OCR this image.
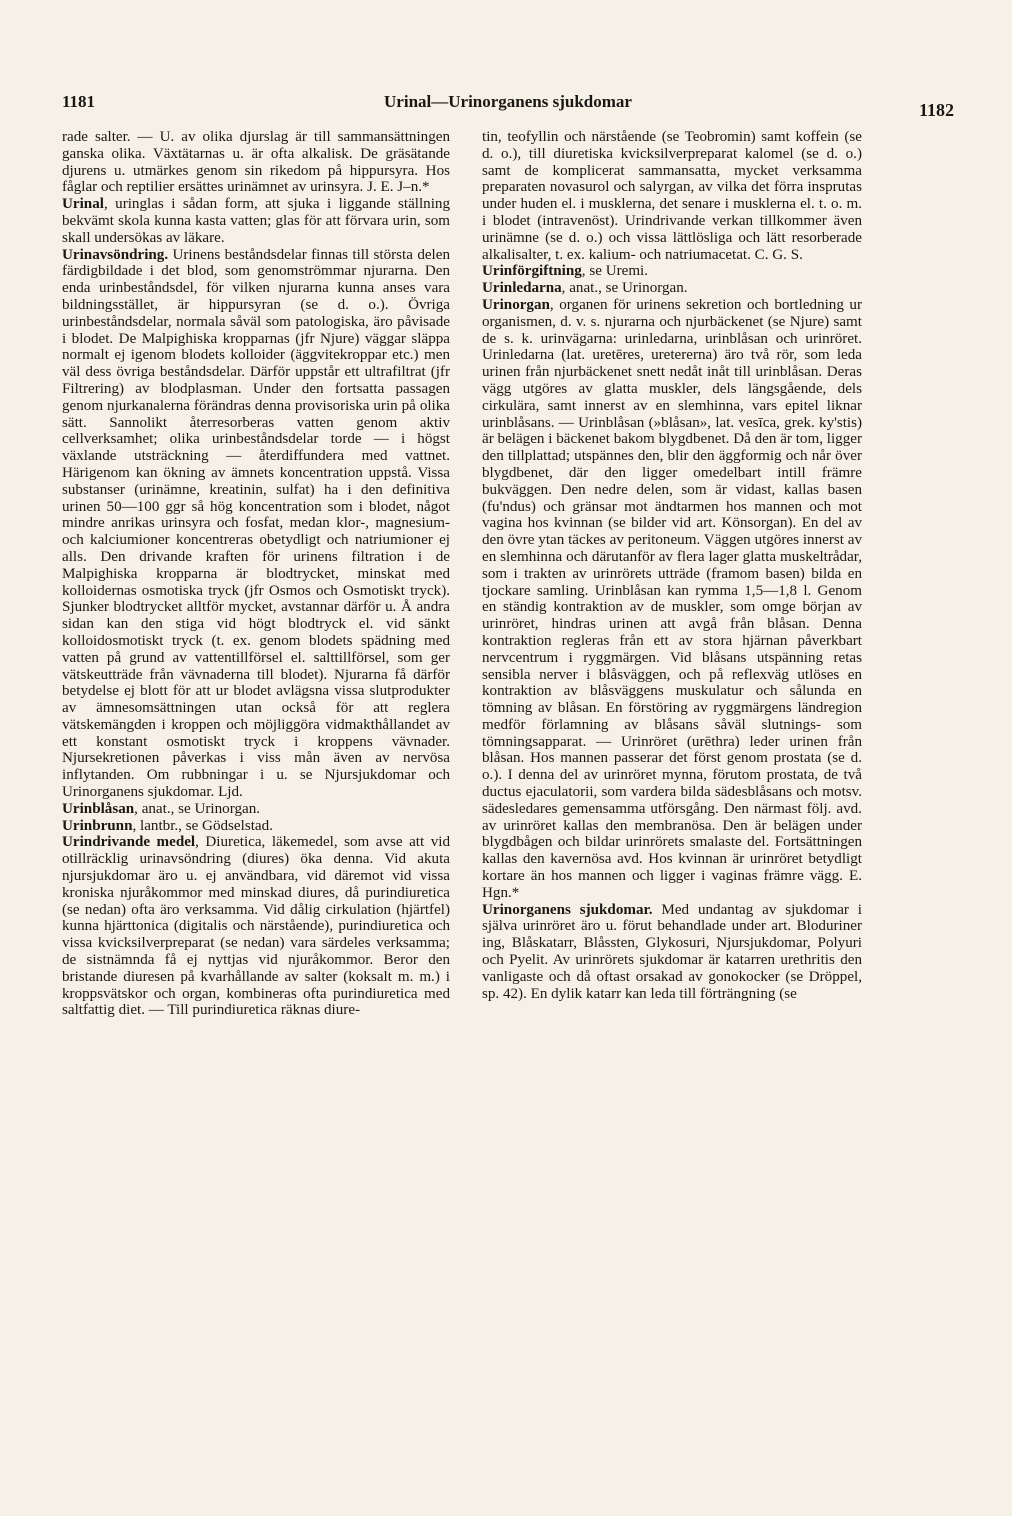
1181	Urinal—Urinorganens sjukdomar	1182

rade salter. — U. av olika djurslag är till sammansättningen ganska olika. Växtätarnas u. är ofta alkalisk. De gräsätande djurens u. utmärkes genom sin rikedom på hippursyra. Hos fåglar och reptilier ersättes urinämnet av urinsyra. J. E. J–n.*

Urinal, uringlas i sådan form, att sjuka i liggande ställning bekvämt skola kunna kasta vatten; glas för att förvara urin, som skall undersökas av läkare.

Urinavsöndring. Urinens beståndsdelar finnas till största delen färdigbildade i det blod, som genomströmmar njurarna. Den enda urinbeståndsdel, för vilken njurarna kunna anses vara bildningsstället, är hippursyran (se d. o.). Övriga urinbeståndsdelar, normala såväl som patologiska, äro påvisade i blodet. De Malpighiska kropparnas (jfr Njure) väggar släppa normalt ej igenom blodets kolloider (äggvitekroppar etc.) men väl dess övriga beståndsdelar. Därför uppstår ett ultrafiltrat (jfr Filtrering) av blodplasman. Under den fortsatta passagen genom njurkanalerna förändras denna provisoriska urin på olika sätt. Sannolikt återresorberas vatten genom aktiv cellverksamhet; olika urinbeståndsdelar torde — i högst växlande utsträckning — återdiffundera med vattnet. Härigenom kan ökning av ämnets koncentration uppstå. Vissa substanser (urinämne, kreatinin, sulfat) ha i den definitiva urinen 50—100 ggr så hög koncentration som i blodet, något mindre anrikas urinsyra och fosfat, medan klor-, magnesium- och kalciumioner koncentreras obetydligt och natriumioner ej alls. Den drivande kraften för urinens filtration i de Malpighiska kropparna är blodtrycket, minskat med kolloidernas osmotiska tryck (jfr Osmos och Osmotiskt tryck). Sjunker blodtrycket alltför mycket, avstannar därför u. Å andra sidan kan den stiga vid högt blodtryck el. vid sänkt kolloidosmotiskt tryck (t. ex. genom blodets spädning med vatten på grund av vattentillförsel el. salttillförsel, som ger vätskeutträde från vävnaderna till blodet). Njurarna få därför betydelse ej blott för att ur blodet avlägsna vissa slutprodukter av ämnesomsättningen utan också för att reglera vätskemängden i kroppen och möjliggöra vidmakthållandet av ett konstant osmotiskt tryck i kroppens vävnader. Njursekretionen påverkas i viss mån även av nervösa inflytanden. Om rubbningar i u. se Njursjukdomar och Urinorganens sjukdomar. Ljd.

Urinblåsan, anat., se Urinorgan.

Urinbrunn, lantbr., se Gödselstad.

Urindrivande medel, Diuretica, läkemedel, som avse att vid otillräcklig urinavsöndring (diures) öka denna. Vid akuta njursjukdomar äro u. ej användbara, vid däremot vid vissa kroniska njuråkommor med minskad diures, då purindiuretica (se nedan) ofta äro verksamma. Vid dålig cirkulation (hjärtfel) kunna hjärttonica (digitalis och närstående), purindiuretica och vissa kvicksilverpreparat (se nedan) vara särdeles verksamma; de sistnämnda få ej nyttjas vid njuråkommor. Beror den bristande diuresen på kvarhållande av salter (koksalt m. m.) i kroppsvätskor och organ, kombineras ofta purindiuretica med saltfattig diet. — Till purindiuretica räknas diure-

tin, teofyllin och närstående (se Teobromin) samt koffein (se d. o.), till diuretiska kvicksilverpreparat kalomel (se d. o.) samt de komplicerat sammansatta, mycket verksamma preparaten novasurol och salyrgan, av vilka det förra insprutas under huden el. i musklerna, det senare i musklerna el. t. o. m. i blodet (intravenöst). Urindrivande verkan tillkommer även urinämne (se d. o.) och vissa lättlösliga och lätt resorberade alkalisalter, t. ex. kalium- och natriumacetat. C. G. S.

Urinförgiftning, se Uremi.

Urinledarna, anat., se Urinorgan.

Urinorgan, organen för urinens sekretion och bortledning ur organismen, d. v. s. njurarna och njurbäckenet (se Njure) samt de s. k. urinvägarna: urinledarna, urinblåsan och urinröret. Urinledarna (lat. uretēres, uretererna) äro två rör, som leda urinen från njurbäckenet snett nedåt inåt till urinblåsan. Deras vägg utgöres av glatta muskler, dels längsgående, dels cirkulära, samt innerst av en slemhinna, vars epitel liknar urinblåsans. — Urinblåsan (»blåsan», lat. vesīca, grek. ky'stis) är belägen i bäckenet bakom blygdbenet. Då den är tom, ligger den tillplattad; utspännes den, blir den äggformig och når över blygdbenet, där den ligger omedelbart intill främre bukväggen. Den nedre delen, som är vidast, kallas basen (fu'ndus) och gränsar mot ändtarmen hos mannen och mot vagina hos kvinnan (se bilder vid art. Könsorgan). En del av den övre ytan täckes av peritoneum. Väggen utgöres innerst av en slemhinna och därutanför av flera lager glatta muskeltrådar, som i trakten av urinrörets utträde (framom basen) bilda en tjockare samling. Urinblåsan kan rymma 1,5—1,8 l. Genom en ständig kontraktion av de muskler, som omge början av urinröret, hindras urinen att avgå från blåsan. Denna kontraktion regleras från ett av stora hjärnan påverkbart nervcentrum i ryggmärgen. Vid blåsans utspänning retas sensibla nerver i blåsväggen, och på reflexväg utlöses en kontraktion av blåsväggens muskulatur och sålunda en tömning av blåsan. En förstöring av ryggmärgens ländregion medför förlamning av blåsans såväl slutnings- som tömningsapparat. — Urinröret (urēthra) leder urinen från blåsan. Hos mannen passerar det först genom prostata (se d. o.). I denna del av urinröret mynna, förutom prostata, de två ductus ejaculatorii, som vardera bilda sädesblåsans och motsv. sädesledares gemensamma utförsgång. Den närmast följ. avd. av urinröret kallas den membranösa. Den är belägen under blygdbågen och bildar urinrörets smalaste del. Fortsättningen kallas den kavernösa avd. Hos kvinnan är urinröret betydligt kortare än hos mannen och ligger i vaginas främre vägg. E. Hgn.*

Urinorganens sjukdomar. Med undantag av sjukdomar i själva urinröret äro u. förut behandlade under art. Bloduriner ing, Blåskatarr, Blåssten, Glykosuri, Njursjukdomar, Polyuri och Pyelit. Av urinrörets sjukdomar är katarren urethritis den vanligaste och då oftast orsakad av gonokocker (se Dröppel, sp. 42). En dylik katarr kan leda till förträngning (se
